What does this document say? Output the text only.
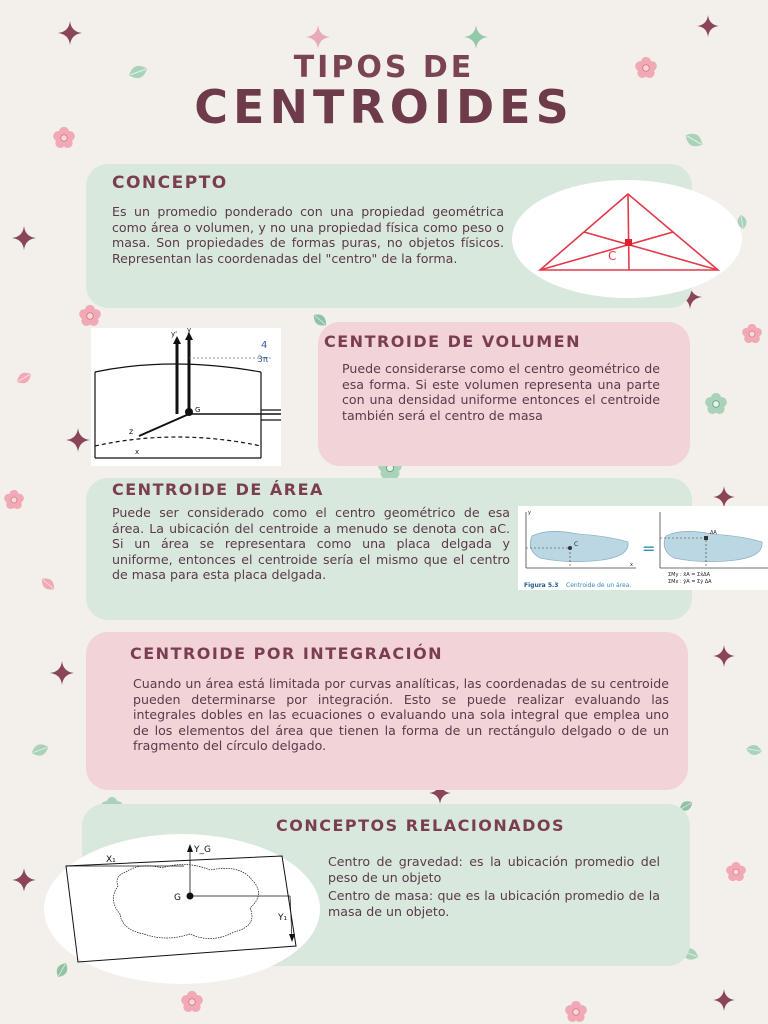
TIPOS DE
CENTROIDES
CONCEPTO
Es un promedio ponderado con una propiedad geométrica como área o volumen, y no una propiedad física como peso o masa. Son propiedades de formas puras, no objetos físicos. Representan las coordenadas del "centro" de la forma.	C
4
3π
G
y' y
z
x
CENTROIDE DE VOLUMEN
Puede considerarse como el centro geométrico de esa forma. Si este volumen representa una parte con una densidad uniforme entonces el centroide también será el centro de masa
CENTROIDE DE ÁREA
Puede ser considerado como el centro geométrico de esa área. La ubicación del centroide a menudo se denota con aC. Si un área se representara como una placa delgada y uniforme, entonces el centroide sería el mismo que el centro de masa para esta placa delgada.
=
C
y
x
ΔA
ΣMy : x̄A = Σx̃ΔA
ΣMx : ȳA = Σỹ ΔA
Figura 5.3 Centroide de un área.
CENTROIDE POR INTEGRACIÓN
Cuando un área está limitada por curvas analíticas, las coordenadas de su centroide pueden determinarse por integración. Esto se puede realizar evaluando las integrales dobles en las ecuaciones o evaluando una sola integral que emplea uno de los elementos del área que tienen la forma de un rectángulo delgado o de un fragmento del círculo delgado.
CONCEPTOS RELACIONADOS
Centro de gravedad: es la ubicación promedio del peso de un objeto
Centro de masa: que es la ubicación promedio de la masa de un objeto.
Y_G
X₁
G
Y₁
